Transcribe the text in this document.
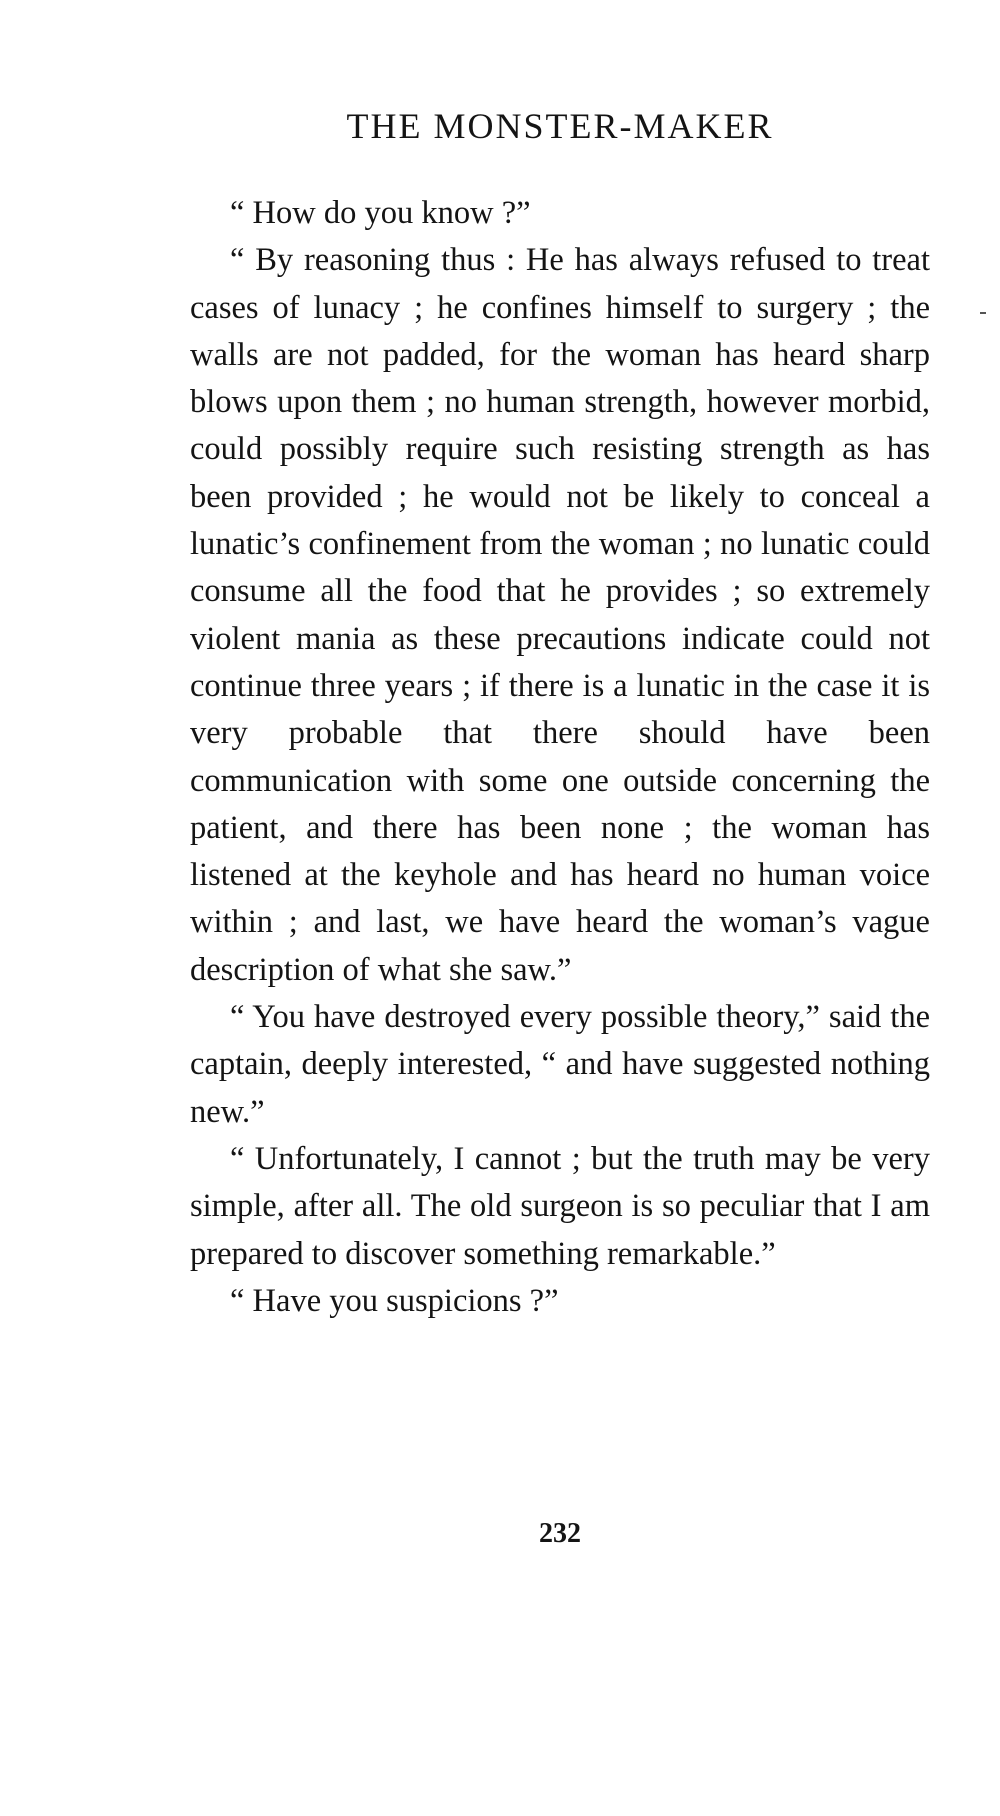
THE MONSTER-MAKER

“ How do you know ?”

“ By reasoning thus : He has always refused to treat cases of lunacy ; he confines himself to surgery ; the walls are not padded, for the woman has heard sharp blows upon them ; no human strength, however morbid, could possibly require such resisting strength as has been provided ; he would not be likely to conceal a lunatic’s confinement from the woman ; no lunatic could consume all the food that he provides ; so extremely violent mania as these precautions indicate could not continue three years ; if there is a lunatic in the case it is very probable that there should have been communication with some one outside concerning the patient, and there has been none ; the woman has listened at the keyhole and has heard no human voice within ; and last, we have heard the woman’s vague description of what she saw.”

“ You have destroyed every possible theory,” said the captain, deeply interested, “ and have suggested nothing new.”

“ Unfortunately, I cannot ; but the truth may be very simple, after all. The old surgeon is so peculiar that I am prepared to discover something remarkable.”

“ Have you suspicions ?”

232
